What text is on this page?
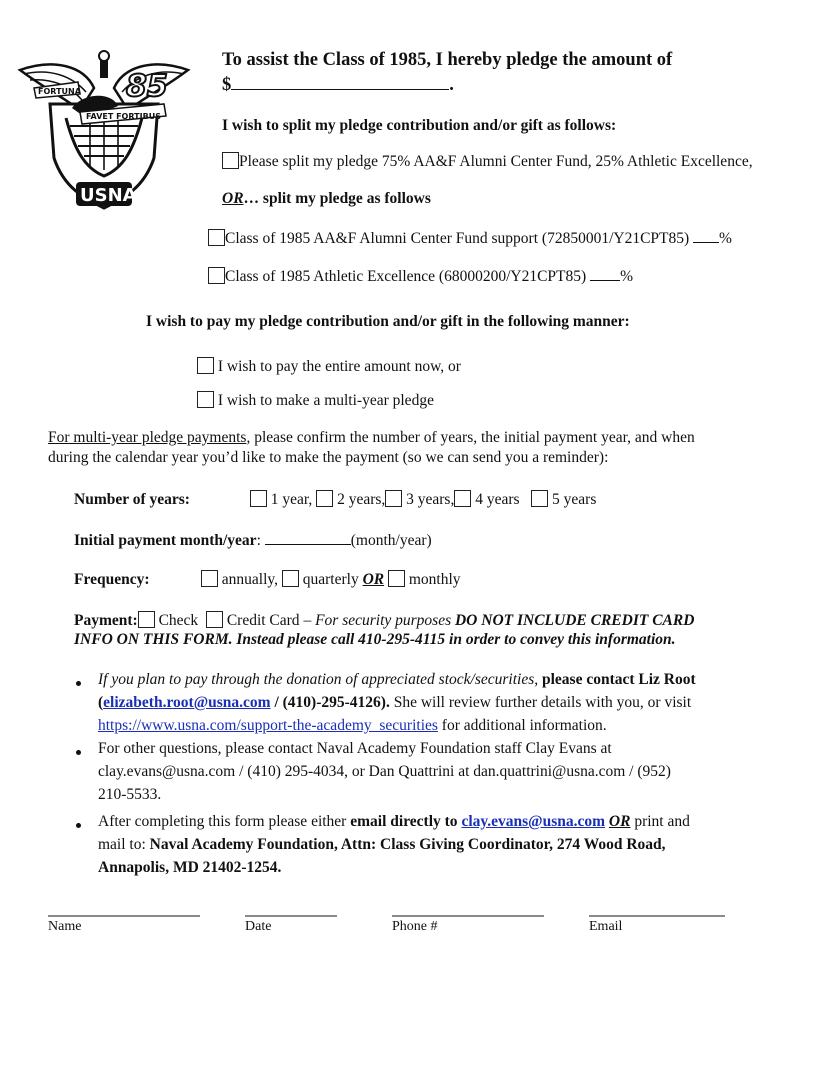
FORTUNA
FAVET FORTIBUS
85
USNA
To assist the Class of 1985, I hereby pledge the amount of
$	.
I wish to split my pledge contribution and/or gift as follows:
Please split my pledge 75% AA&F Alumni Center Fund, 25% Athletic Excellence,
OR… split my pledge as follows
Class of 1985 AA&F Alumni Center Fund support (72850001/Y21CPT85) %
Class of 1985 Athletic Excellence (68000200/Y21CPT85) %
I wish to pay my pledge contribution and/or gift in the following manner:
I wish to pay the entire amount now, or
I wish to make a multi-year pledge
For multi-year pledge payments, please confirm the number of years, the initial payment year, and when
during the calendar year you’d like to make the payment (so we can send you a reminder):
Number of years:	1 year, 2 years, 3 years, 4 years 5 years
Initial payment month/year:	(month/year)
Frequency:	annually, quarterly OR monthly
Payment: Check Credit Card – For security purposes DO NOT INCLUDE CREDIT CARD
INFO ON THIS FORM. Instead please call 410-295-4115 in order to convey this information.
If you plan to pay through the donation of appreciated stock/securities, please contact Liz Root
(elizabeth.root@usna.com / (410)-295-4126). She will review further details with you, or visit
https://www.usna.com/support-the-academy_securities for additional information.
For other questions, please contact Naval Academy Foundation staff Clay Evans at
clay.evans@usna.com / (410) 295-4034, or Dan Quattrini at dan.quattrini@usna.com / (952)
210-5533.
After completing this form please either email directly to clay.evans@usna.com OR print and
mail to: Naval Academy Foundation, Attn: Class Giving Coordinator, 274 Wood Road,
Annapolis, MD 21402-1254.
Name	Date	Phone #	Email
